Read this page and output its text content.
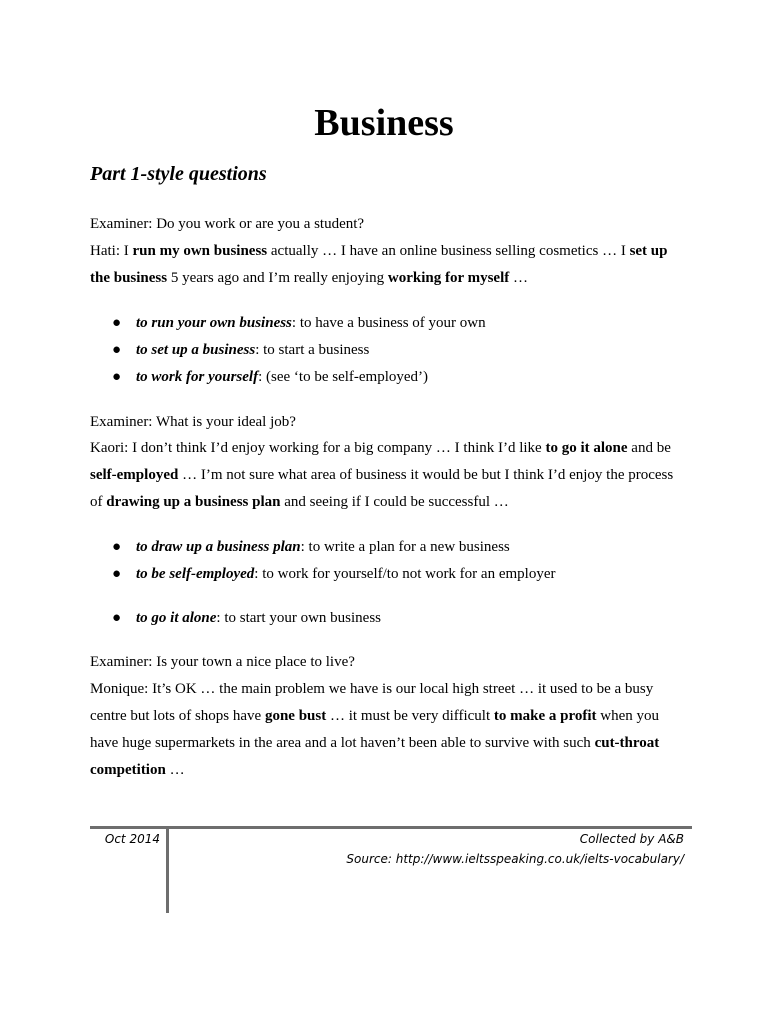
Business
Part 1-style questions

Examiner: Do you work or are you a student?

Hati: I run my own business actually … I have an online business selling cosmetics … I set up the business 5 years ago and I’m really enjoying working for myself …

● to run your own business: to have a business of your own
● to set up a business: to start a business
● to work for yourself: (see ‘to be self-employed’)

Examiner: What is your ideal job?

Kaori: I don’t think I’d enjoy working for a big company … I think I’d like to go it alone and be self-employed … I’m not sure what area of business it would be but I think I’d enjoy the process of drawing up a business plan and seeing if I could be successful …

● to draw up a business plan: to write a plan for a new business
● to be self-employed: to work for yourself/to not work for an employer
● to go it alone: to start your own business

Examiner: Is your town a nice place to live?

Monique: It’s OK … the main problem we have is our local high street … it used to be a busy centre but lots of shops have gone bust … it must be very difficult to make a profit when you have huge supermarkets in the area and a lot haven’t been able to survive with such cut-throat competition …

Oct 2014	Collected by A&B
Source: http://www.ieltsspeaking.co.uk/ielts-vocabulary/
